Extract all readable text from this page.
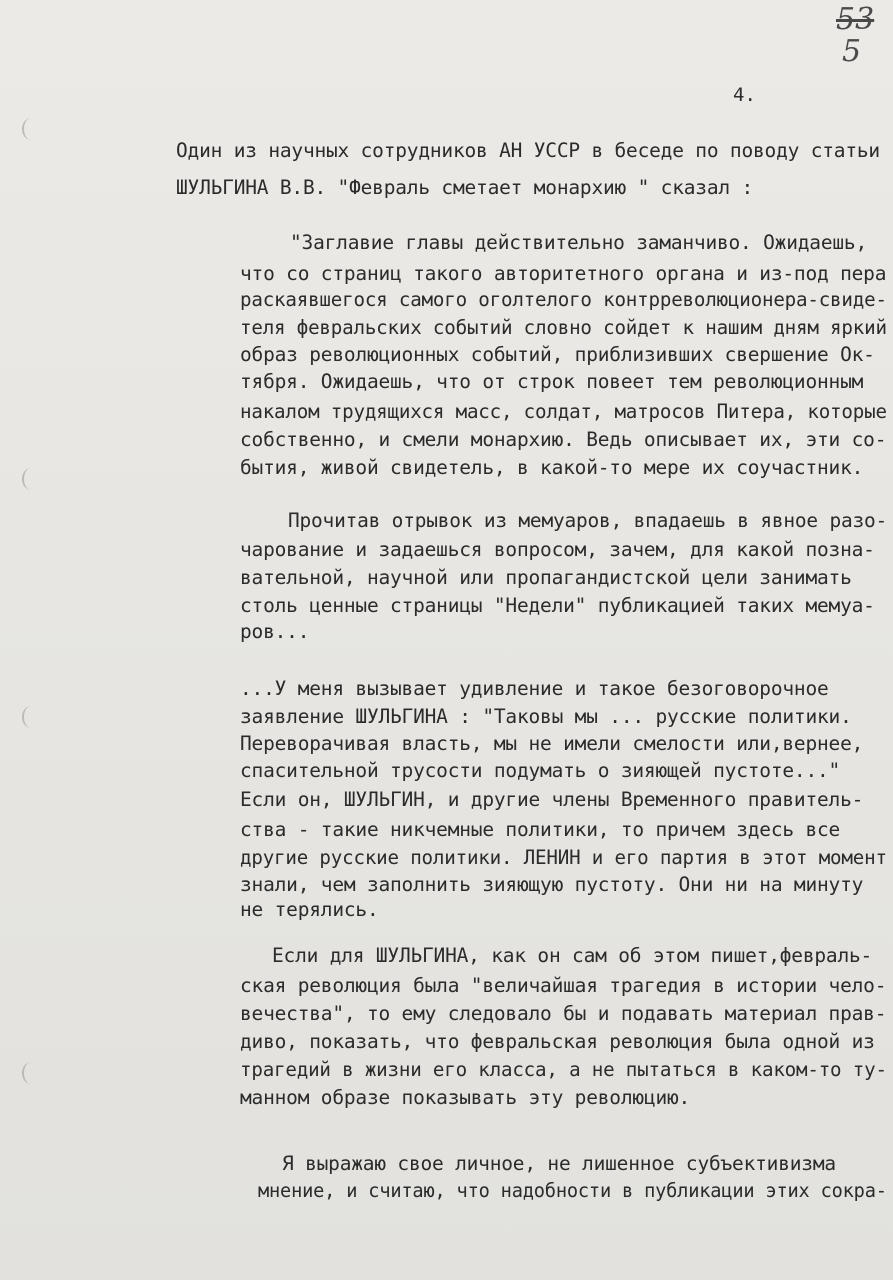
53
5
4.
Один из научных сотрудников АН УССР в беседе по поводу статьи
ШУЛЬГИНА В.В. "Февраль сметает монархию " сказал :
"Заглавие главы действительно заманчиво. Ожидаешь,
что со страниц такого авторитетного органа и из-под пера
раскаявшегося самого оголтелого контрреволюционера-свиде-
теля февральских событий словно сойдет к нашим дням яркий
образ революционных событий, приблизивших свершение Ок-
тября. Ожидаешь, что от строк повеет тем революционным
накалом трудящихся масс, солдат, матросов Питера, которые
собственно, и смели монархию. Ведь описывает их, эти со-
бытия, живой свидетель, в какой-то мере их соучастник.
Прочитав отрывок из мемуаров, впадаешь в явное разо-
чарование и задаешься вопросом, зачем, для какой позна-
вательной, научной или пропагандистской цели занимать
столь ценные страницы "Недели" публикацией таких мемуа-
ров...
...У меня вызывает удивление и такое безоговорочное
заявление ШУЛЬГИНА : "Таковы мы ... русские политики.
Переворачивая власть, мы не имели смелости или,вернее,
спасительной трусости подумать о зияющей пустоте..."
Если он, ШУЛЬГИН, и другие члены Временного правитель-
ства - такие никчемные политики, то причем здесь все
другие русские политики. ЛЕНИН и его партия в этот момент
знали, чем заполнить зияющую пустоту. Они ни на минуту
не терялись.
Если для ШУЛЬГИНА, как он сам об этом пишет,февраль-
ская революция была "величайшая трагедия в истории чело-
вечества", то ему следовало бы и подавать материал прав-
диво, показать, что февральская революция была одной из
трагедий в жизни его класса, а не пытаться в каком-то ту-
манном образе показывать эту революцию.
Я выражаю свое личное, не лишенное субъективизма
мнение, и считаю, что надобности в публикации этих сокра-
